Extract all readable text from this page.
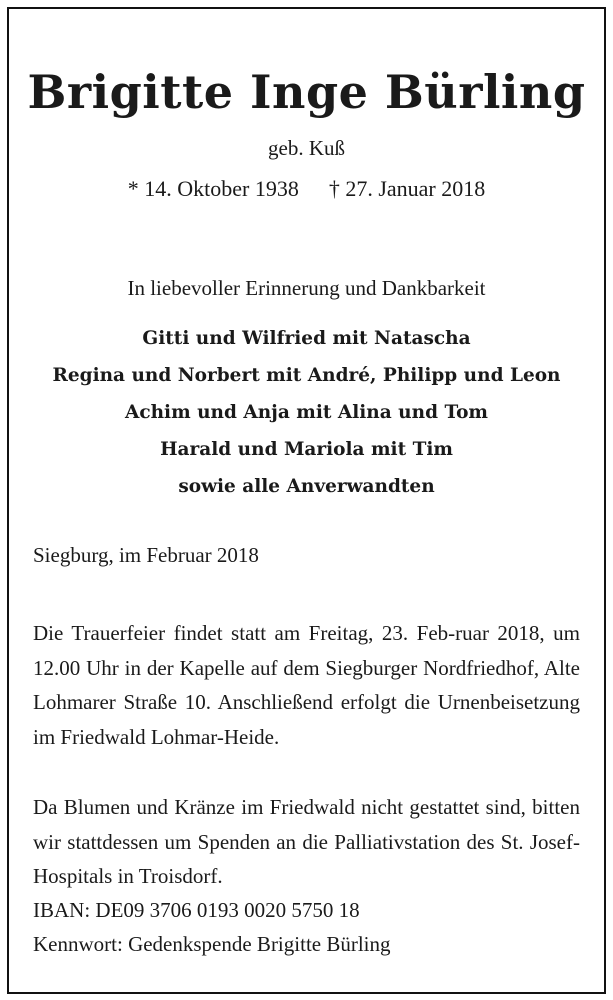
Brigitte Inge Bürling
geb. Kuß
* 14. Oktober 1938 † 27. Januar 2018
In liebevoller Erinnerung und Dankbarkeit
Gitti und Wilfried mit Natascha
Regina und Norbert mit André, Philipp und Leon
Achim und Anja mit Alina und Tom
Harald und Mariola mit Tim
sowie alle Anverwandten
Siegburg, im Februar 2018
Die Trauerfeier findet statt am Freitag, 23. Feb-ruar 2018, um 12.00 Uhr in der Kapelle auf dem Siegburger Nordfriedhof, Alte Lohmarer Straße 10. Anschließend erfolgt die Urnenbeisetzung im Friedwald Lohmar-Heide.
Da Blumen und Kränze im Friedwald nicht gestattet sind, bitten wir stattdessen um Spenden an die Palliativstation des St. Josef-Hospitals in Troisdorf.
IBAN: DE09 3706 0193 0020 5750 18
Kennwort: Gedenkspende Brigitte Bürling
